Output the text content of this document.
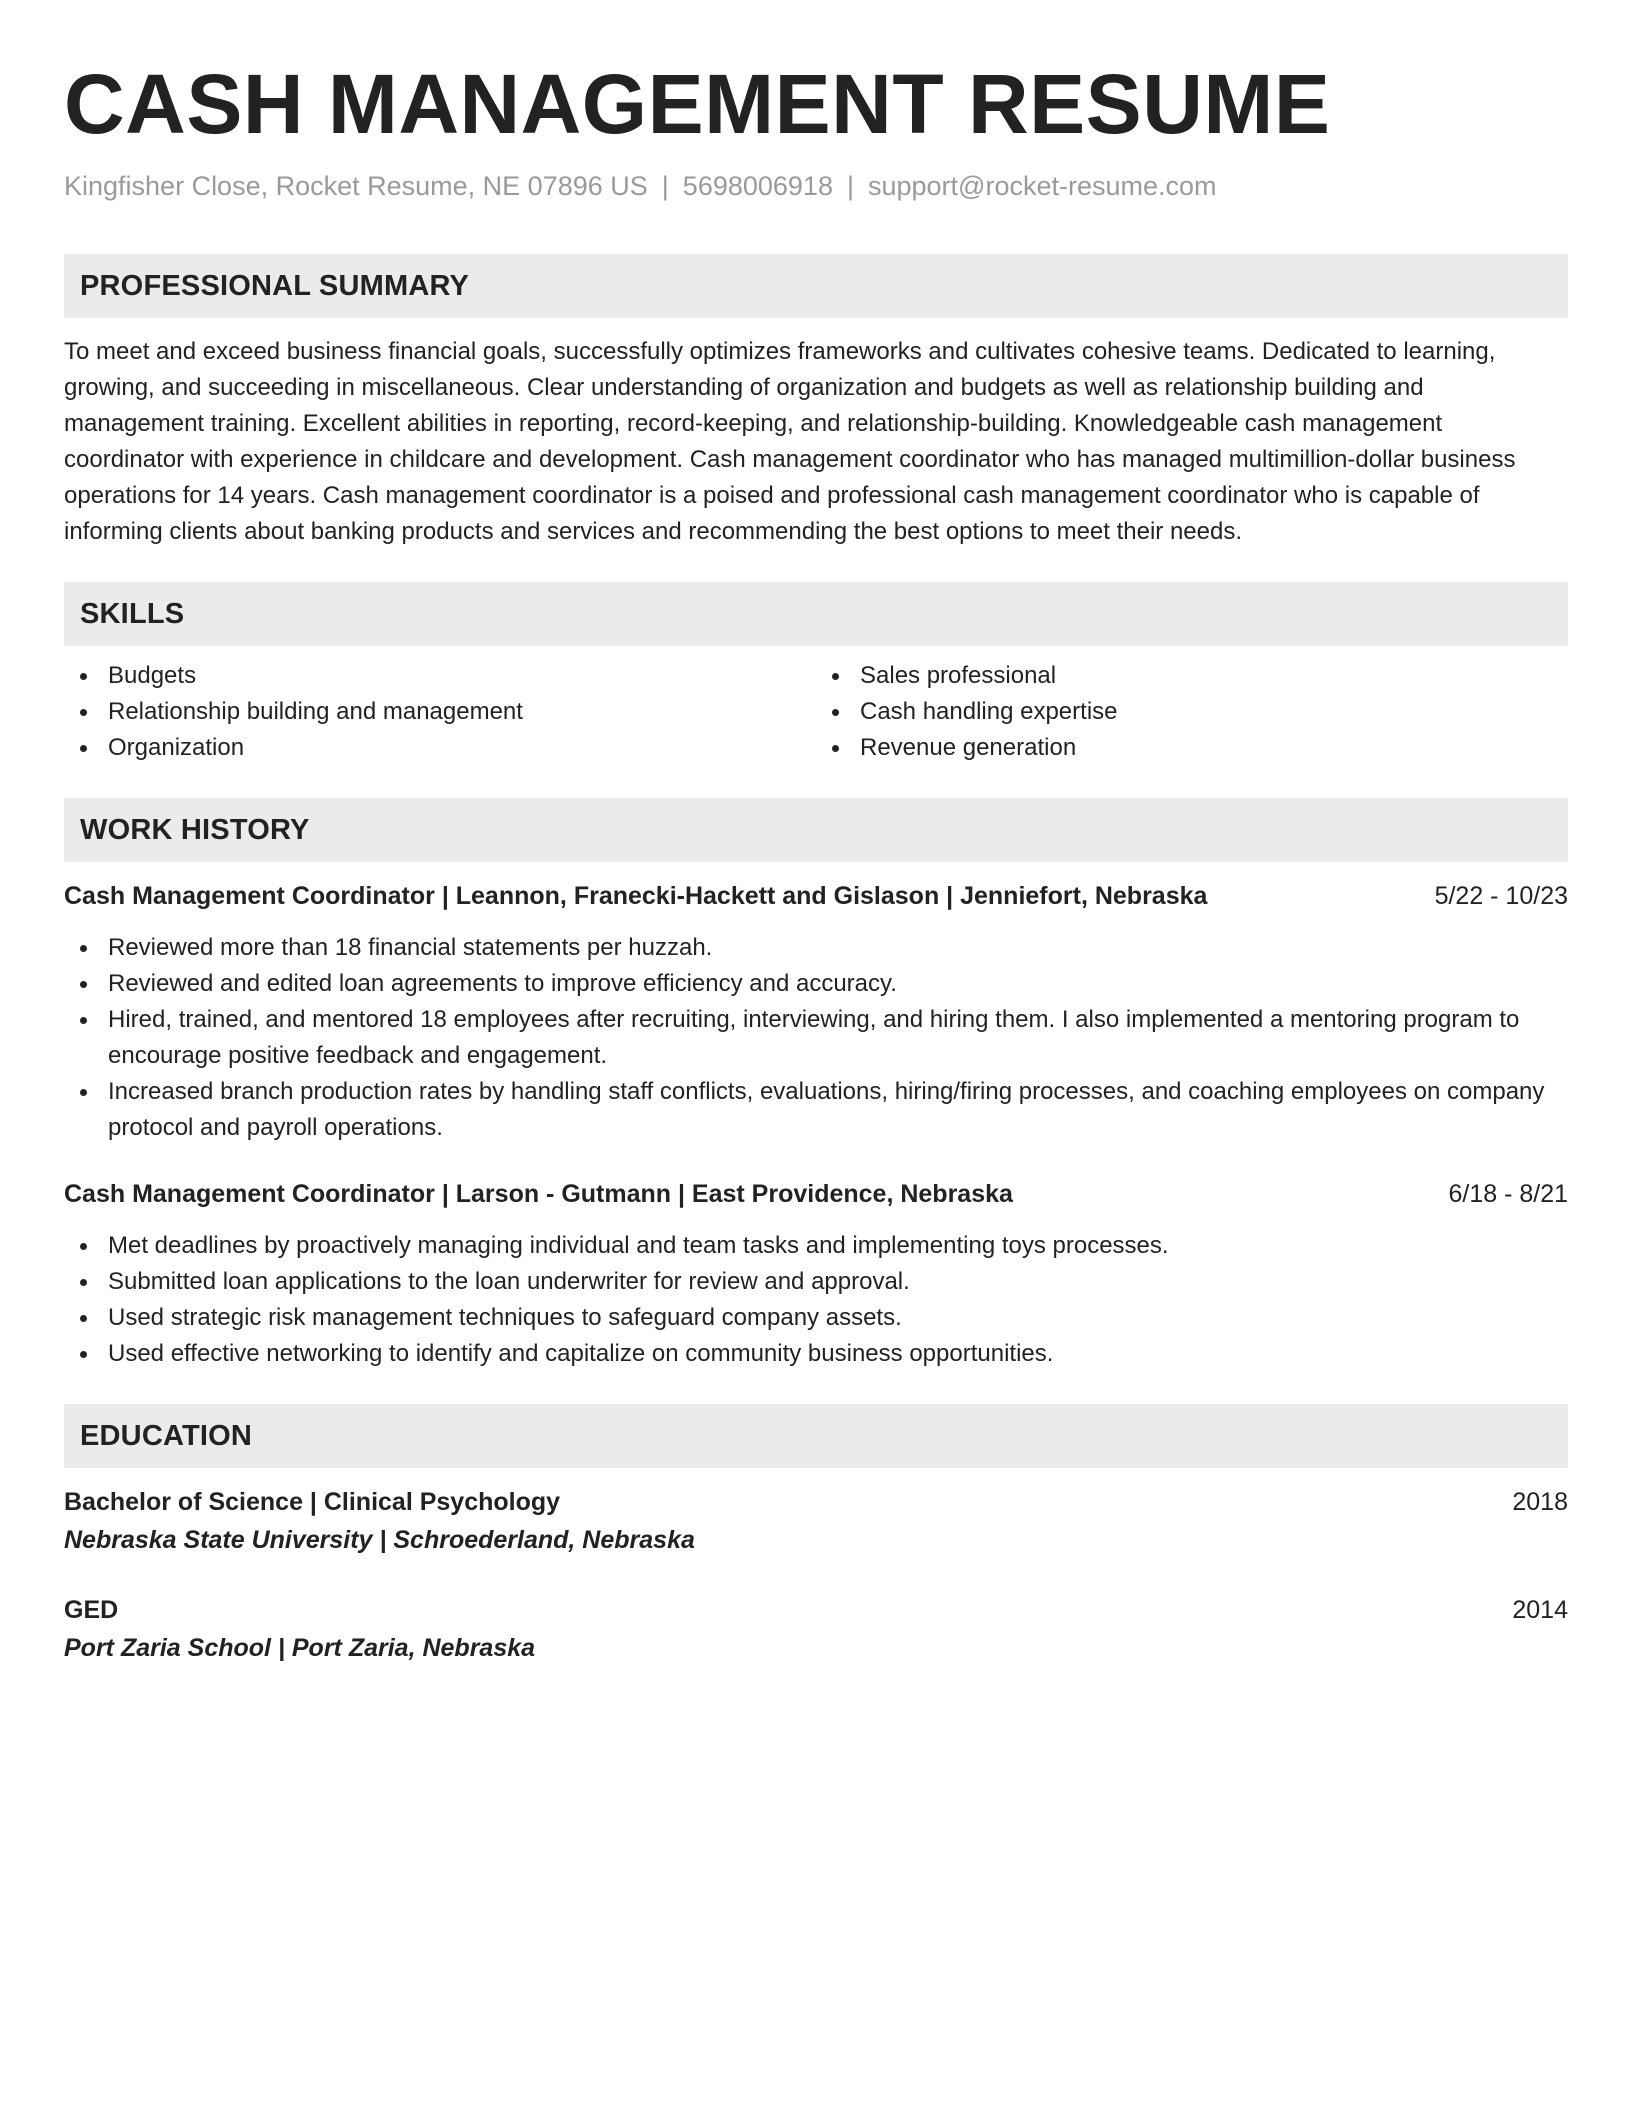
CASH MANAGEMENT RESUME
Kingfisher Close, Rocket Resume, NE 07896 US | 5698006918 | support@rocket-resume.com
PROFESSIONAL SUMMARY

To meet and exceed business financial goals, successfully optimizes frameworks and cultivates cohesive teams. Dedicated to learning, growing, and succeeding in miscellaneous. Clear understanding of organization and budgets as well as relationship building and management training. Excellent abilities in reporting, record-keeping, and relationship-building. Knowledgeable cash management coordinator with experience in childcare and development. Cash management coordinator who has managed multimillion-dollar business operations for 14 years. Cash management coordinator is a poised and professional cash management coordinator who is capable of informing clients about banking products and services and recommending the best options to meet their needs.

SKILLS
Budgets
Relationship building and management
Organization
Sales professional
Cash handling expertise
Revenue generation
WORK HISTORY
Cash Management Coordinator | Leannon, Franecki-Hackett and Gislason | Jenniefort, Nebraska	5/22 - 10/23
Reviewed more than 18 financial statements per huzzah.
Reviewed and edited loan agreements to improve efficiency and accuracy.
Hired, trained, and mentored 18 employees after recruiting, interviewing, and hiring them. I also implemented a mentoring program to encourage positive feedback and engagement.
Increased branch production rates by handling staff conflicts, evaluations, hiring/firing processes, and coaching employees on company protocol and payroll operations.
Cash Management Coordinator | Larson - Gutmann | East Providence, Nebraska	6/18 - 8/21
Met deadlines by proactively managing individual and team tasks and implementing toys processes.
Submitted loan applications to the loan underwriter for review and approval.
Used strategic risk management techniques to safeguard company assets.
Used effective networking to identify and capitalize on community business opportunities.
EDUCATION
Bachelor of Science | Clinical Psychology	2018
Nebraska State University | Schroederland, Nebraska
GED	2014
Port Zaria School | Port Zaria, Nebraska
